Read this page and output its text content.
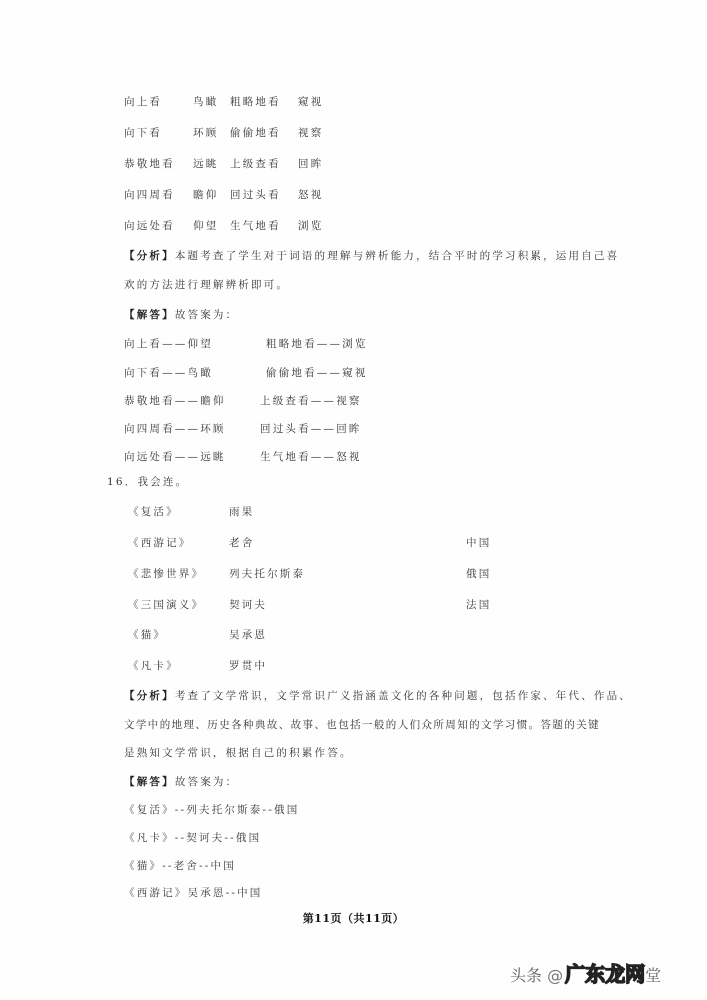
向上看	鸟瞰 粗略地看 窥视
向下看	环顾 偷偷地看 视察
恭敬地看 远眺 上级查看 回眸
向四周看 瞻仰 回过头看 怒视
向远处看 仰望 生气地看 浏览
【分析】本题考查了学生对于词语的理解与辨析能力，结合平时的学习积累，运用自己喜
欢的方法进行理解辨析即可。
【解答】故答案为：
向上看——仰望	粗略地看——浏览
向下看——鸟瞰	偷偷地看——窥视
恭敬地看——瞻仰	上级查看——视察
向四周看——环顾	回过头看——回眸
向远处看——远眺	生气地看——怒视
16．我会连。
《复活》	雨果
《西游记》	老舍	中国
《悲惨世界》 列夫托尔斯泰	俄国
《三国演义》 契诃夫	法国
《猫》	吴承恩
《凡卡》	罗贯中
【分析】考查了文学常识，文学常识广义指涵盖文化的各种问题，包括作家、年代、作品、
文学中的地理、历史各种典故、故事、也包括一般的人们众所周知的文学习惯。答题的关键
是熟知文学常识，根据自己的积累作答。
【解答】故答案为：
《复活》--列夫托尔斯泰--俄国
《凡卡》--契诃夫--俄国
《猫》--老舍--中国
《西游记》吴承恩--中国
第11页（共11页）
头条 @ 广东龙网堂
